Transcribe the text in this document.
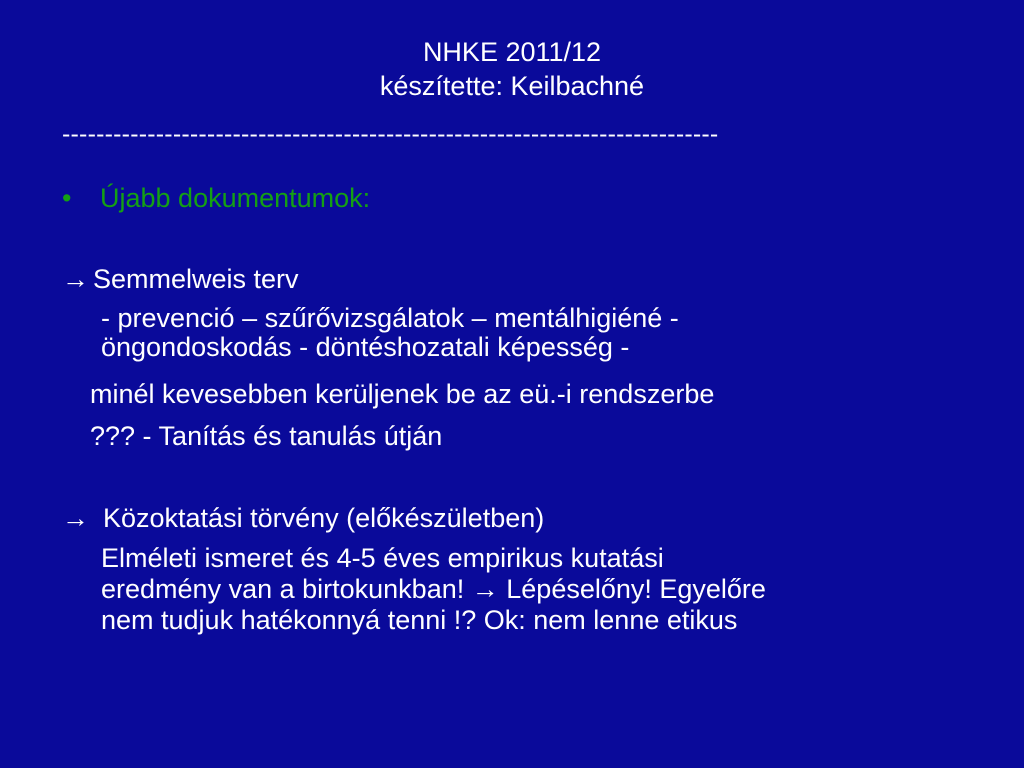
NHKE 2011/12
készítette: Keilbachné
-----------------------------------------------------------------------------
• Újabb dokumentumok:
→ Semmelweis terv
- prevenció – szűrővizsgálatok – mentálhigiéné -
öngondoskodás - döntéshozatali képesség -
minél kevesebben kerüljenek be az eü.-i rendszerbe
??? - Tanítás és tanulás útján
→ Közoktatási törvény (előkészületben)
Elméleti ismeret és 4-5 éves empirikus kutatási
eredmény van a birtokunkban! → Lépéselőny! Egyelőre
nem tudjuk hatékonnyá tenni !? Ok: nem lenne etikus
